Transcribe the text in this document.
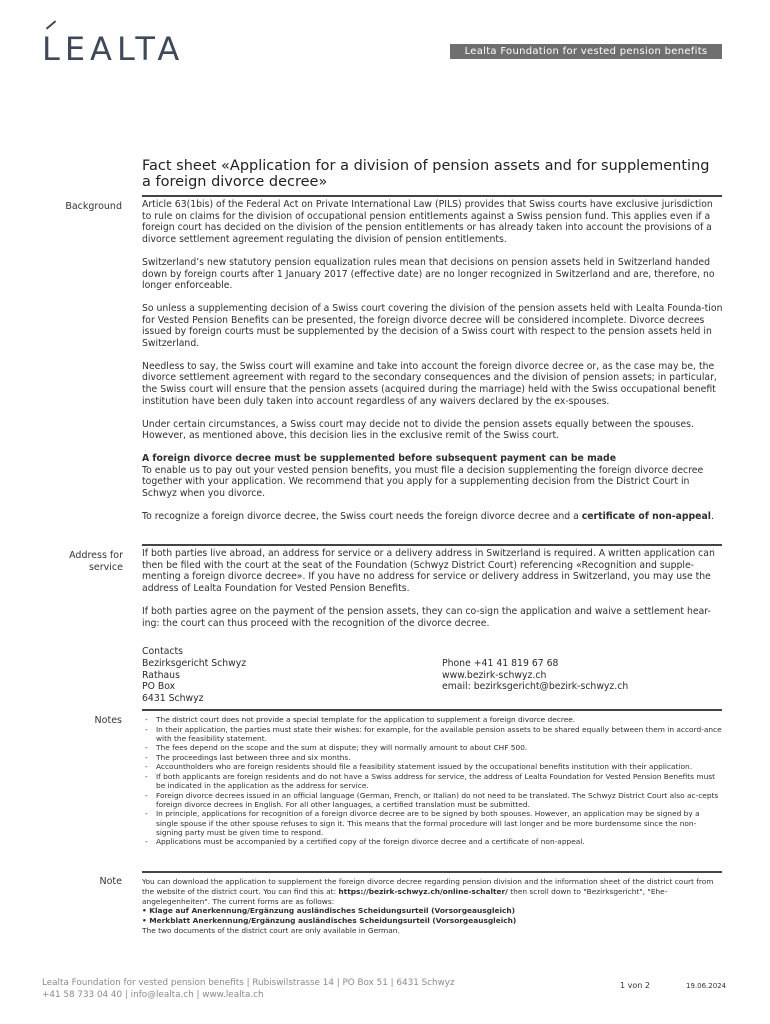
LEALTA	Lealta Foundation for vested pension benefits
Fact sheet «Application for a division of pension assets and for supplementing
a foreign divorce decree»
Background Article 63(1bis) of the Federal Act on Private International Law (PILS) provides that Swiss courts have exclusive jurisdiction to rule on claims for the division of occupational pension entitlements against a Swiss pension fund. This applies even if a foreign court has decided on the division of the pension entitlements or has already taken into account the provisions of a divorce settlement agreement regulating the division of pension entitlements.

Switzerland’s new statutory pension equalization rules mean that decisions on pension assets held in Switzerland handed down by foreign courts after 1 January 2017 (effective date) are no longer recognized in Switzerland and are, therefore, no longer enforceable.

So unless a supplementing decision of a Swiss court covering the division of the pension assets held with Lealta Founda-tion for Vested Pension Benefits can be presented, the foreign divorce decree will be considered incomplete. Divorce decrees issued by foreign courts must be supplemented by the decision of a Swiss court with respect to the pension assets held in Switzerland.

Needless to say, the Swiss court will examine and take into account the foreign divorce decree or, as the case may be, the divorce settlement agreement with regard to the secondary consequences and the division of pension assets; in particular, the Swiss court will ensure that the pension assets (acquired during the marriage) held with the Swiss occupational benefit institution have been duly taken into account regardless of any waivers declared by the ex-spouses.

Under certain circumstances, a Swiss court may decide not to divide the pension assets equally between the spouses. However, as mentioned above, this decision lies in the exclusive remit of the Swiss court.

A foreign divorce decree must be supplemented before subsequent payment can be made

To enable us to pay out your vested pension benefits, you must file a decision supplementing the foreign divorce decree together with your application. We recommend that you apply for a supplementing decision from the District Court in Schwyz when you divorce.

To recognize a foreign divorce decree, the Swiss court needs the foreign divorce decree and a certificate of non-appeal.

Address for service

If both parties live abroad, an address for service or a delivery address in Switzerland is required. A written application can then be filed with the court at the seat of the Foundation (Schwyz District Court) referencing «Recognition and supple-menting a foreign divorce decree». If you have no address for service or delivery address in Switzerland, you may use the address of Lealta Foundation for Vested Pension Benefits.

If both parties agree on the payment of the pension assets, they can co-sign the application and waive a settlement hear-ing: the court can thus proceed with the recognition of the divorce decree.

Contacts
Bezirksgericht Schwyz
Rathaus
PO Box
6431 Schwyz
Phone +41 41 819 67 68
www.bezirk-schwyz.ch
email: bezirksgericht@bezirk-schwyz.ch
Notes
-	The district court does not provide a special template for the application to supplement a foreign divorce decree.
- In their application, the parties must state their wishes: for example, for the available pension assets to be shared equally between them in accord-ance with the feasibility statement.
- The fees depend on the scope and the sum at dispute; they will normally amount to about CHF 500.
- The proceedings last between three and six months.
- Accountholders who are foreign residents should file a feasibility statement issued by the occupational benefits institution with their application.
- If both applicants are foreign residents and do not have a Swiss address for service, the address of Lealta Foundation for Vested Pension Benefits must be indicated in the application as the address for service.
- Foreign divorce decrees issued in an official language (German, French, or Italian) do not need to be translated. The Schwyz District Court also ac-cepts foreign divorce decrees in English. For all other languages, a certified translation must be submitted.
- In principle, applications for recognition of a foreign divorce decree are to be signed by both spouses. However, an application may be signed by a single spouse if the other spouse refuses to sign it. This means that the formal procedure will last longer and be more burdensome since the non-signing party must be given time to respond.
- Applications must be accompanied by a certified copy of the foreign divorce decree and a certificate of non-appeal.
Note	You can download the application to supplement the foreign divorce decree regarding pension division and the information sheet of the district court from the website of the district court. You can find this at: https://bezirk-schwyz.ch/online-schalter/ then scroll down to "Bezirksgericht", "Ehe-angelegenheiten". The current forms are as follows:
• Klage auf Anerkennung/Ergänzung ausländisches Scheidungsurteil (Vorsorgeausgleich)
• Merkblatt Anerkennung/Ergänzung ausländisches Scheidungsurteil (Vorsorgeausgleich)
The two documents of the district court are only available in German.
Lealta Foundation for vested pension benefits | Rubiswilstrasse 14 | PO Box 51 | 6431 Schwyz
+41 58 733 04 40 | info@lealta.ch | www.lealta.ch
1 von 2	19.06.2024
